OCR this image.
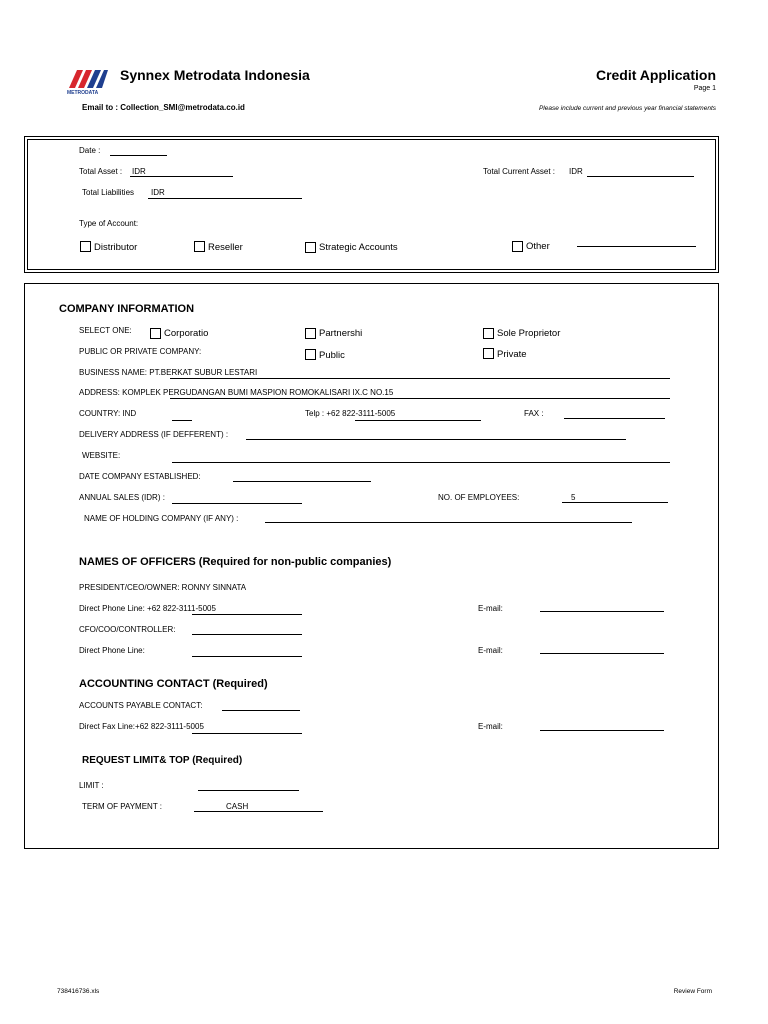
METRODATA
Synnex Metrodata Indonesia	Credit Application
Page 1
Email to : Collection_SMI@metrodata.co.id	Please include current and previous year financial statements
Date :
Total Asset : IDR	Total Current Asset : IDR
Total Liabilities IDR
Type of Account:
Distributor	Reseller	Strategic Accounts	Other
COMPANY INFORMATION
SELECT ONE:	Corporatio	Partnershi	Sole Proprietor
PUBLIC OR PRIVATE COMPANY:	Public	Private
BUSINESS NAME: PT.BERKAT SUBUR LESTARI
ADDRESS: KOMPLEK PERGUDANGAN BUMI MASPION ROMOKALISARI IX.C NO.15
COUNTRY: IND	Telp : +62 822-3111-5005	FAX :
DELIVERY ADDRESS (IF DEFFERENT) :
WEBSITE:
DATE COMPANY ESTABLISHED:
ANNUAL SALES (IDR) :	NO. OF EMPLOYEES:	5
NAME OF HOLDING COMPANY (IF ANY) :
NAMES OF OFFICERS (Required for non-public companies)
PRESIDENT/CEO/OWNER: RONNY SINNATA
Direct Phone Line: +62 822-3111-5005	E-mail:
CFO/COO/CONTROLLER:
Direct Phone Line:	E-mail:
ACCOUNTING CONTACT (Required)
ACCOUNTS PAYABLE CONTACT:
Direct Fax Line:+62 822-3111-5005	E-mail:
REQUEST LIMIT& TOP (Required)
LIMIT :
TERM OF PAYMENT :	CASH
738416736.xls	Review Form
